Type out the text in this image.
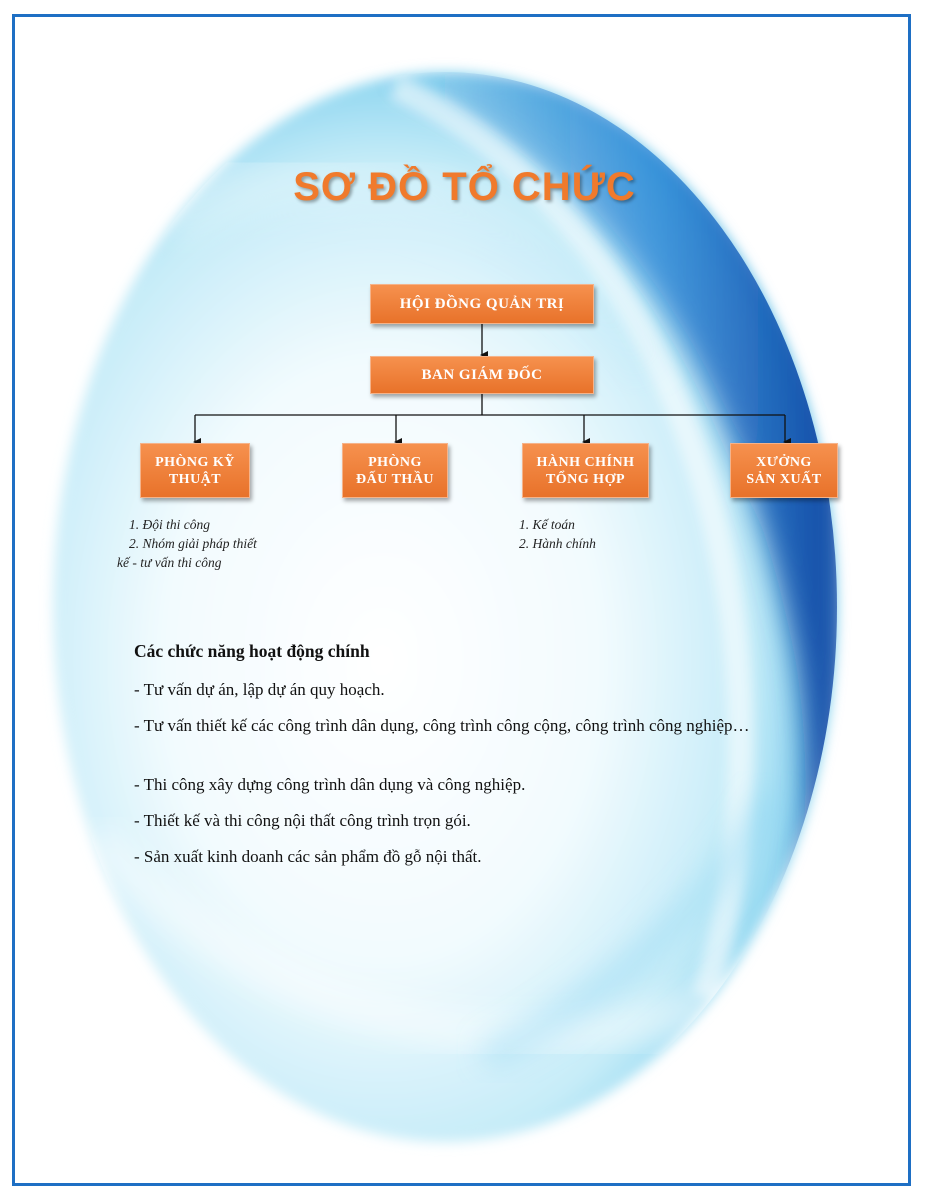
SƠ ĐỒ TỔ CHỨC
HỘI ĐỒNG QUẢN TRỊ
BAN GIÁM ĐỐC
PHÒNG KỸ
THUẬT
PHÒNG
ĐẤU THẦU
HÀNH CHÍNH
TỔNG HỢP
XƯỞNG
SẢN XUẤT
1. Đội thi công
2. Nhóm giải pháp thiết
kế - tư vấn thi công
1. Kế toán
2. Hành chính
Các chức năng hoạt động chính
- Tư vấn dự án, lập dự án quy hoạch.
- Tư vấn thiết kế các công trình dân dụng, công trình công cộng, công trình công nghiệp…
- Thi công xây dựng công trình dân dụng và công nghiệp.
- Thiết kế và thi công nội thất công trình trọn gói.
- Sản xuất kinh doanh các sản phẩm đồ gỗ nội thất.
